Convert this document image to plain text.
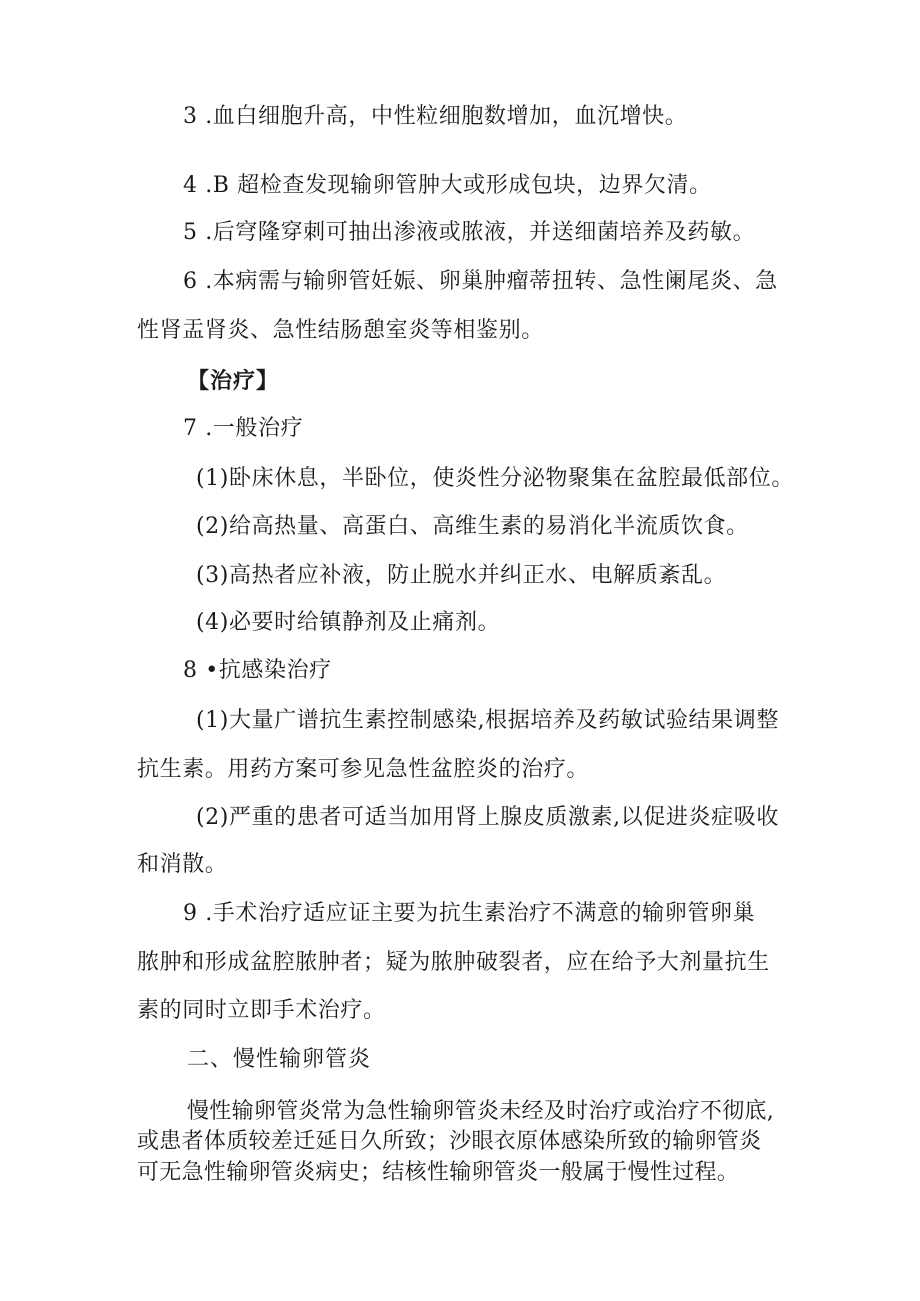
3 .血白细胞升高，中性粒细胞数增加，血沉增快。
4 .B 超检查发现输卵管肿大或形成包块，边界欠清。
5 .后穹隆穿刺可抽出渗液或脓液，并送细菌培养及药敏。
6 .本病需与输卵管妊娠、卵巢肿瘤蒂扭转、急性阑尾炎、急
性肾盂肾炎、急性结肠憩室炎等相鉴别。
【治疗】
7 .一般治疗
(1)卧床休息，半卧位，使炎性分泌物聚集在盆腔最低部位。
(2)给高热量、高蛋白、高维生素的易消化半流质饮食。
(3)高热者应补液，防止脱水并纠正水、电解质紊乱。
(4)必要时给镇静剂及止痛剂。
8 •抗感染治疗
(1)大量广谱抗生素控制感染,根据培养及药敏试验结果调整
抗生素。用药方案可参见急性盆腔炎的治疗。
(2)严重的患者可适当加用肾上腺皮质激素,以促进炎症吸收
和消散。
9 .手术治疗适应证主要为抗生素治疗不满意的输卵管卵巢
脓肿和形成盆腔脓肿者；疑为脓肿破裂者，应在给予大剂量抗生
素的同时立即手术治疗。
二、慢性输卵管炎
慢性输卵管炎常为急性输卵管炎未经及时治疗或治疗不彻底,
或患者体质较差迁延日久所致；沙眼衣原体感染所致的输卵管炎
可无急性输卵管炎病史；结核性输卵管炎一般属于慢性过程。
